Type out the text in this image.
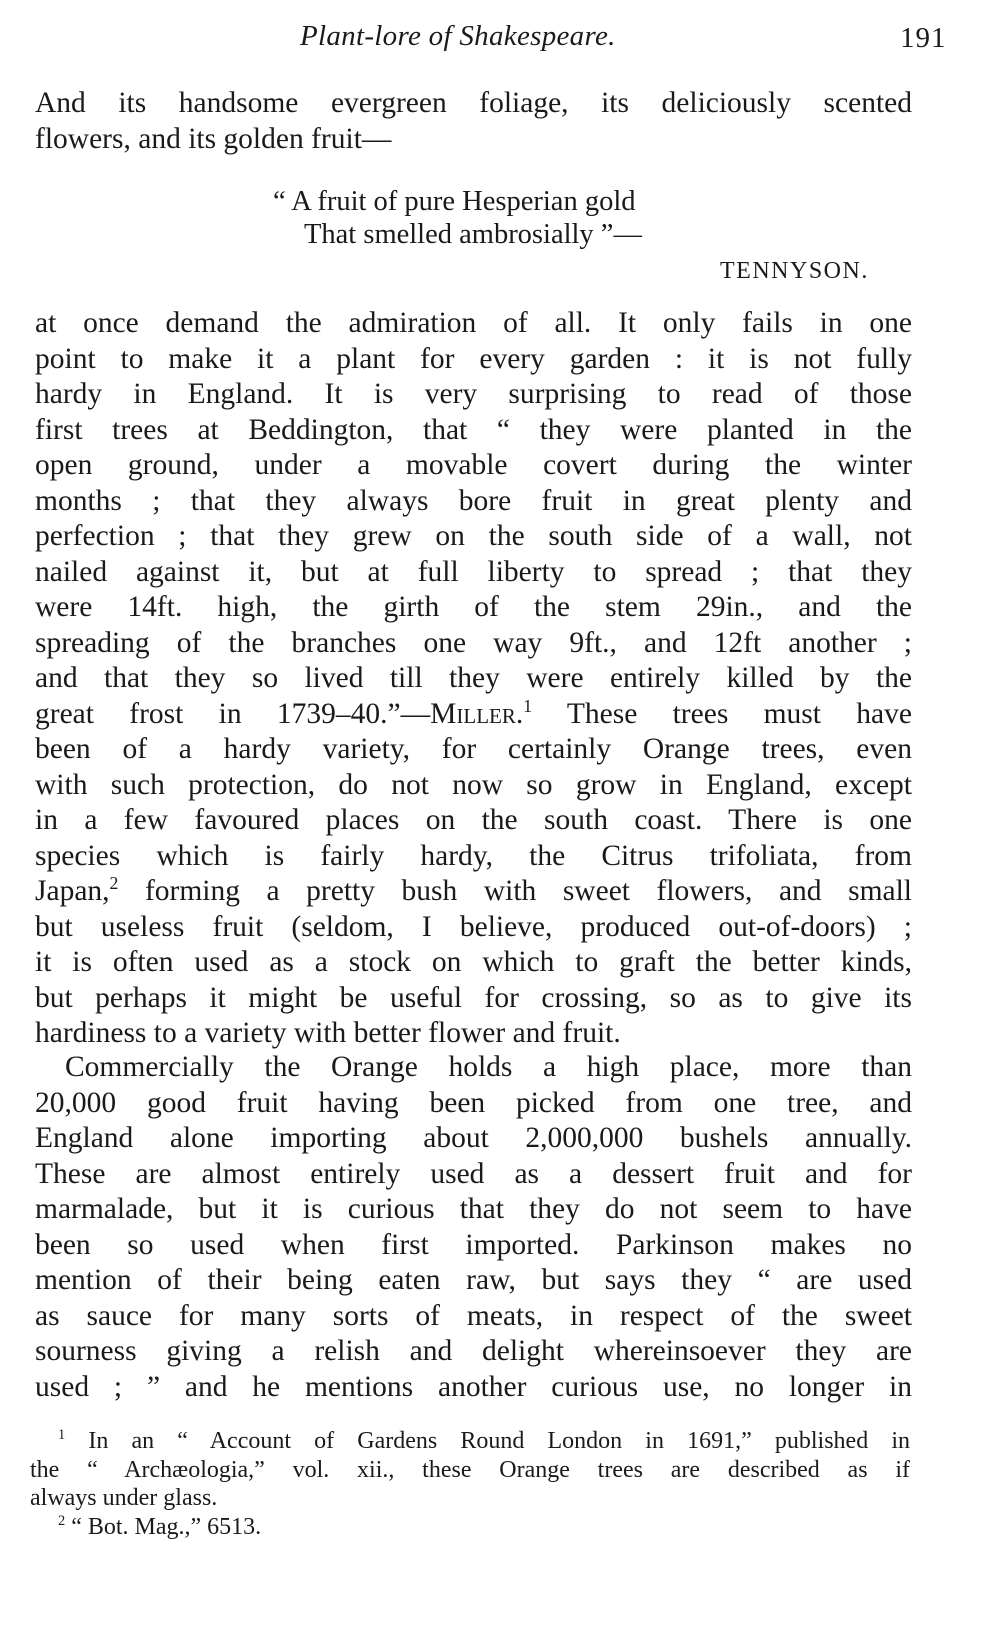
Plant-lore of Shakespeare.	191
And its handsome evergreen foliage, its deliciously scented
flowers, and its golden fruit—
“ A fruit of pure Hesperian gold
That smelled ambrosially ”—
TENNYSON.
at once demand the admiration of all. It only fails in one
point to make it a plant for every garden : it is not fully
hardy in England. It is very surprising to read of those
first trees at Beddington, that “ they were planted in the
open ground, under a movable covert during the winter
months ; that they always bore fruit in great plenty and
perfection ; that they grew on the south side of a wall, not
nailed against it, but at full liberty to spread ; that they
were 14ft. high, the girth of the stem 29in., and the
spreading of the branches one way 9ft., and 12ft another ;
and that they so lived till they were entirely killed by the
great frost in 1739–40.”—Miller.$^1$ These trees must have
been of a hardy variety, for certainly Orange trees, even
with such protection, do not now so grow in England, except
in a few favoured places on the south coast. There is one
species which is fairly hardy, the Citrus trifoliata, from
Japan,$^2$ forming a pretty bush with sweet flowers, and small
but useless fruit (seldom, I believe, produced out-of-doors) ;
it is often used as a stock on which to graft the better kinds,
but perhaps it might be useful for crossing, so as to give its
hardiness to a variety with better flower and fruit.
Commercially the Orange holds a high place, more than
20,000 good fruit having been picked from one tree, and
England alone importing about 2,000,000 bushels annually.
These are almost entirely used as a dessert fruit and for
marmalade, but it is curious that they do not seem to have
been so used when first imported. Parkinson makes no
mention of their being eaten raw, but says they “ are used
as sauce for many sorts of meats, in respect of the sweet
sourness giving a relish and delight whereinsoever they are
used ; ” and he mentions another curious use, no longer in
$^1$ In an “ Account of Gardens Round London in 1691,” published in
the “ Archæologia,” vol. xii., these Orange trees are described as if
always under glass.
$^2$ “ Bot. Mag.,” 6513.
